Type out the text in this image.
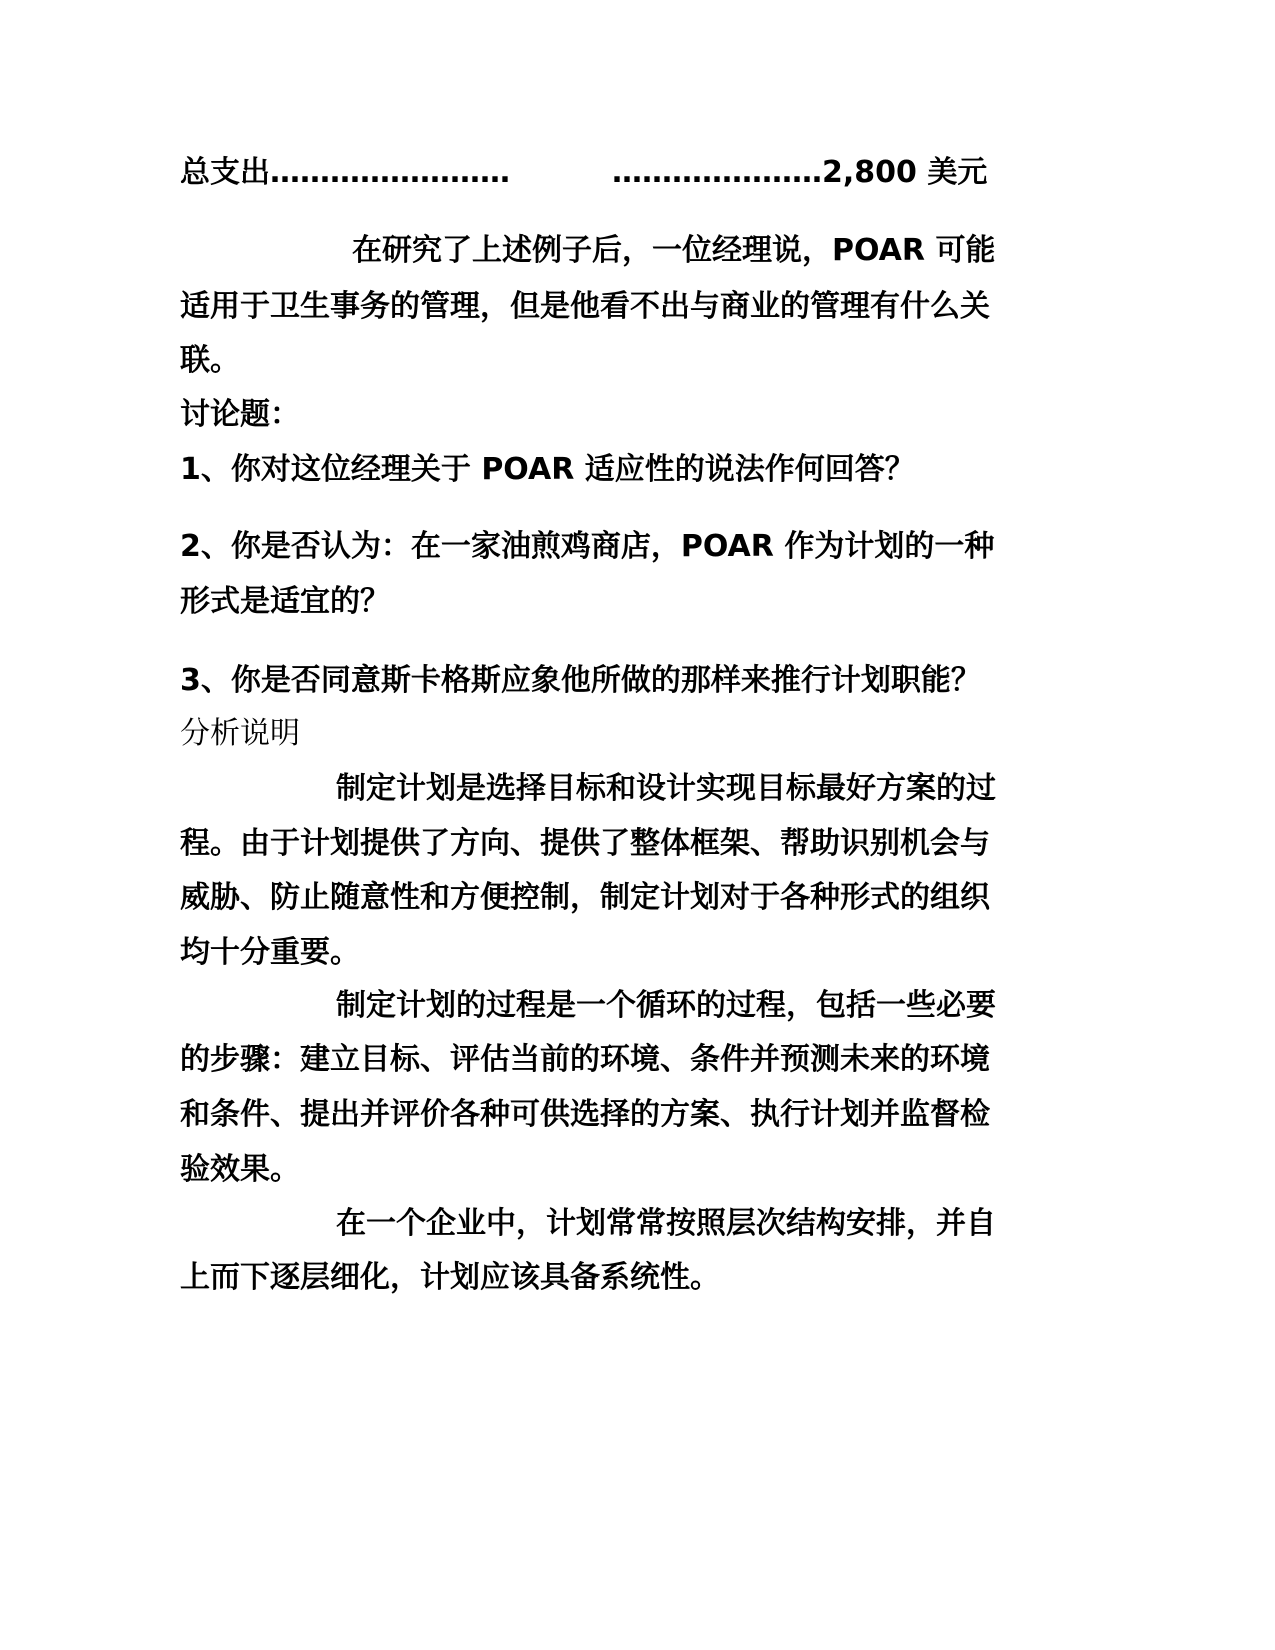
总支出……………………	…………………2,800 美元
在研究了上述例子后，一位经理说，POAR 可能
适用于卫生事务的管理，但是他看不出与商业的管理有什么关
联。
讨论题：
1、你对这位经理关于 POAR 适应性的说法作何回答？
2、你是否认为：在一家油煎鸡商店，POAR 作为计划的一种
形式是适宜的？
3、你是否同意斯卡格斯应象他所做的那样来推行计划职能？
分析说明
制定计划是选择目标和设计实现目标最好方案的过
程。由于计划提供了方向、提供了整体框架、帮助识别机会与
威胁、防止随意性和方便控制，制定计划对于各种形式的组织
均十分重要。
制定计划的过程是一个循环的过程，包括一些必要
的步骤：建立目标、评估当前的环境、条件并预测未来的环境
和条件、提出并评价各种可供选择的方案、执行计划并监督检
验效果。
在一个企业中，计划常常按照层次结构安排，并自
上而下逐层细化，计划应该具备系统性。
